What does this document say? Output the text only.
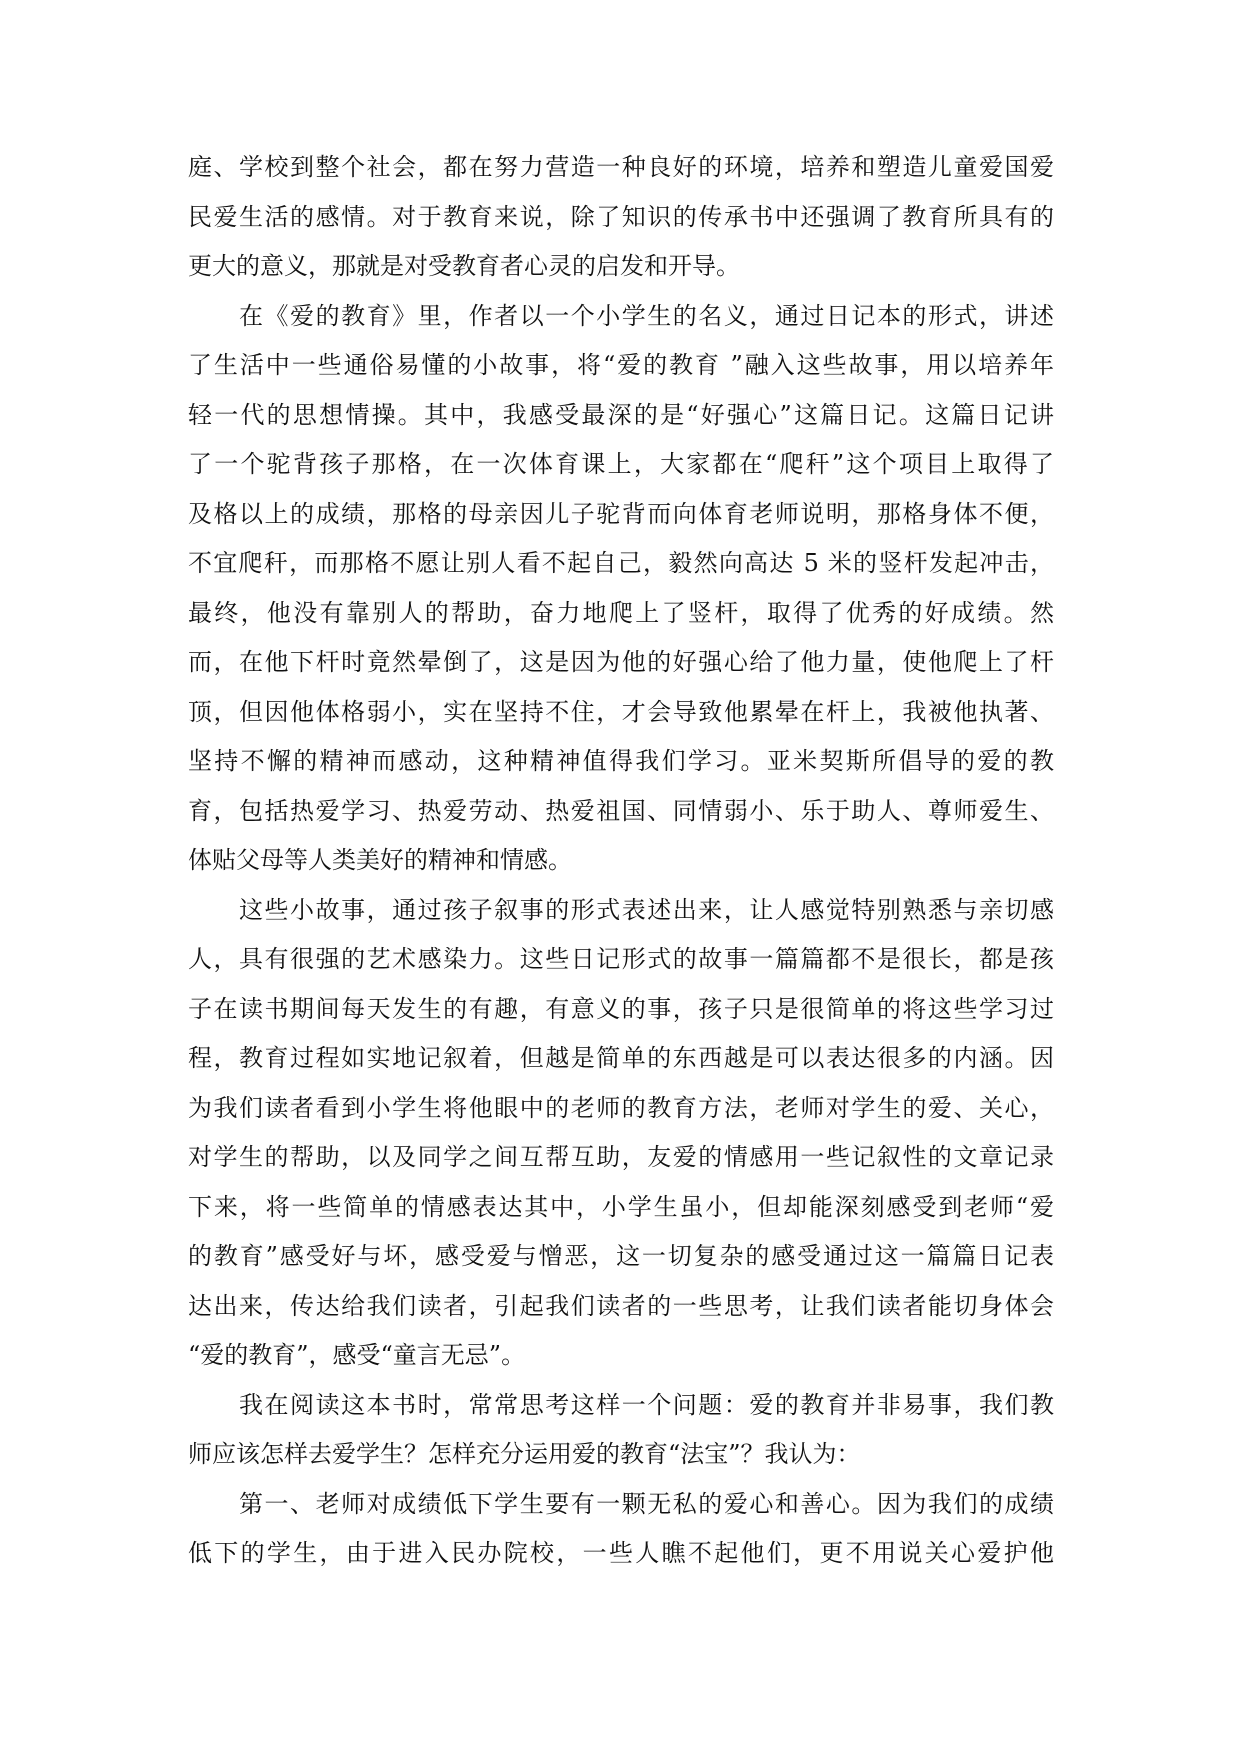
庭、学校到整个社会，都在努力营造一种良好的环境，培养和塑造儿童爱国爱
民爱生活的感情。对于教育来说，除了知识的传承书中还强调了教育所具有的
更大的意义，那就是对受教育者心灵的启发和开导。
　　在《爱的教育》里，作者以一个小学生的名义，通过日记本的形式，讲述
了生活中一些通俗易懂的小故事，将“爱的教育 ”融入这些故事，用以培养年
轻一代的思想情操。其中，我感受最深的是“好强心”这篇日记。这篇日记讲
了一个驼背孩子那格，在一次体育课上，大家都在“爬秆”这个项目上取得了
及格以上的成绩，那格的母亲因儿子驼背而向体育老师说明，那格身体不便，
不宜爬秆，而那格不愿让别人看不起自己，毅然向高达 5 米的竖杆发起冲击，
最终，他没有靠别人的帮助，奋力地爬上了竖杆，取得了优秀的好成绩。然
而，在他下杆时竟然晕倒了，这是因为他的好强心给了他力量，使他爬上了杆
顶，但因他体格弱小，实在坚持不住，才会导致他累晕在杆上，我被他执著、
坚持不懈的精神而感动，这种精神值得我们学习。亚米契斯所倡导的爱的教
育，包括热爱学习、热爱劳动、热爱祖国、同情弱小、乐于助人、尊师爱生、
体贴父母等人类美好的精神和情感。
　　这些小故事，通过孩子叙事的形式表述出来，让人感觉特别熟悉与亲切感
人，具有很强的艺术感染力。这些日记形式的故事一篇篇都不是很长，都是孩
子在读书期间每天发生的有趣，有意义的事，孩子只是很简单的将这些学习过
程，教育过程如实地记叙着，但越是简单的东西越是可以表达很多的内涵。因
为我们读者看到小学生将他眼中的老师的教育方法，老师对学生的爱、关心，
对学生的帮助，以及同学之间互帮互助，友爱的情感用一些记叙性的文章记录
下来，将一些简单的情感表达其中，小学生虽小，但却能深刻感受到老师“爱
的教育”感受好与坏，感受爱与憎恶，这一切复杂的感受通过这一篇篇日记表
达出来，传达给我们读者，引起我们读者的一些思考，让我们读者能切身体会
“爱的教育”，感受“童言无忌”。
　　我在阅读这本书时，常常思考这样一个问题：爱的教育并非易事，我们教
师应该怎样去爱学生？怎样充分运用爱的教育“法宝”？我认为：
　　第一、老师对成绩低下学生要有一颗无私的爱心和善心。因为我们的成绩
低下的学生，由于进入民办院校，一些人瞧不起他们，更不用说关心爱护他
